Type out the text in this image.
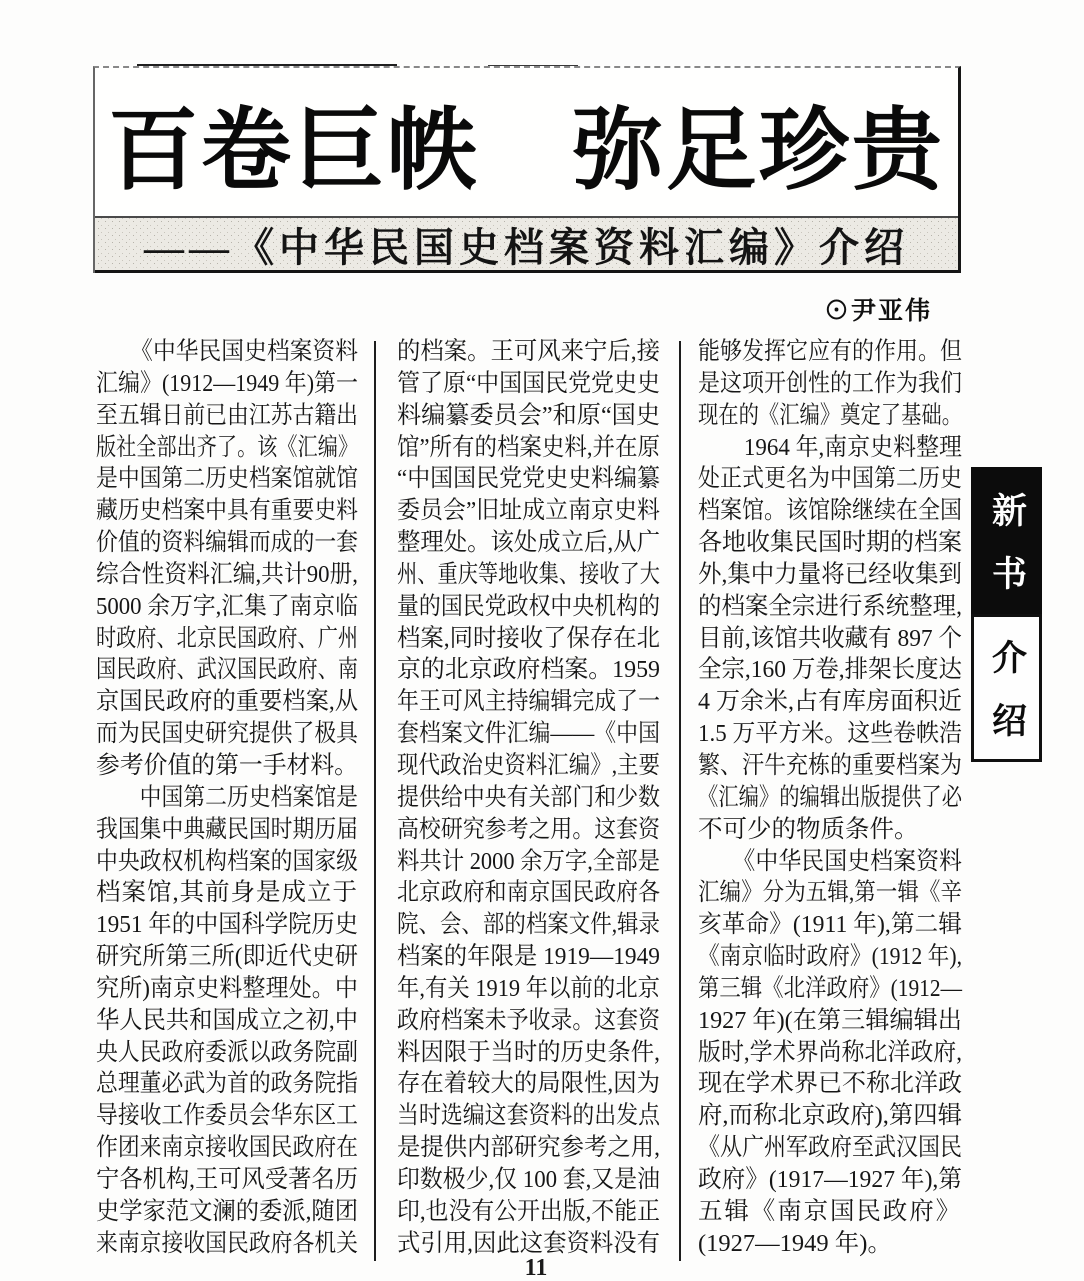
百卷巨帙　弥足珍贵
——《中华民国史档案资料汇编》介绍
⊙尹亚伟
　　《中华民国史档案资料
汇编》(1912—1949 年)第一
至五辑日前已由江苏古籍出
版社全部出齐了。该《汇编》
是中国第二历史档案馆就馆
藏历史档案中具有重要史料
价值的资料编辑而成的一套
综合性资料汇编,共计90册,
5000 余万字,汇集了南京临
时政府、北京民国政府、广州
国民政府、武汉国民政府、南
京国民政府的重要档案,从
而为民国史研究提供了极具
参考价值的第一手材料。
　　中国第二历史档案馆是
我国集中典藏民国时期历届
中央政权机构档案的国家级
档案馆,其前身是成立于
1951 年的中国科学院历史
研究所第三所(即近代史研
究所)南京史料整理处。中
华人民共和国成立之初,中
央人民政府委派以政务院副
总理董必武为首的政务院指
导接收工作委员会华东区工
作团来南京接收国民政府在
宁各机构,王可风受著名历
史学家范文澜的委派,随团
来南京接收国民政府各机关
的档案。王可风来宁后,接
管了原“中国国民党党史史
料编纂委员会”和原“国史
馆”所有的档案史料,并在原
“中国国民党党史史料编纂
委员会”旧址成立南京史料
整理处。该处成立后,从广
州、重庆等地收集、接收了大
量的国民党政权中央机构的
档案,同时接收了保存在北
京的北京政府档案。1959
年王可风主持编辑完成了一
套档案文件汇编——《中国
现代政治史资料汇编》,主要
提供给中央有关部门和少数
高校研究参考之用。这套资
料共计 2000 余万字,全部是
北京政府和南京国民政府各
院、会、部的档案文件,辑录
档案的年限是 1919—1949
年,有关 1919 年以前的北京
政府档案未予收录。这套资
料因限于当时的历史条件,
存在着较大的局限性,因为
当时选编这套资料的出发点
是提供内部研究参考之用,
印数极少,仅 100 套,又是油
印,也没有公开出版,不能正
式引用,因此这套资料没有
能够发挥它应有的作用。但
是这项开创性的工作为我们
现在的《汇编》奠定了基础。
　　1964 年,南京史料整理
处正式更名为中国第二历史
档案馆。该馆除继续在全国
各地收集民国时期的档案
外,集中力量将已经收集到
的档案全宗进行系统整理,
目前,该馆共收藏有 897 个
全宗,160 万卷,排架长度达
4 万余米,占有库房面积近
1.5 万平方米。这些卷帙浩
繁、汗牛充栋的重要档案为
《汇编》的编辑出版提供了必
不可少的物质条件。
　　《中华民国史档案资料
汇编》分为五辑,第一辑《辛
亥革命》(1911 年),第二辑
《南京临时政府》(1912 年),
第三辑《北洋政府》(1912—
1927 年)(在第三辑编辑出
版时,学术界尚称北洋政府,
现在学术界已不称北洋政
府,而称北京政府),第四辑
《从广州军政府至武汉国民
政府》(1917—1927 年),第
五辑《南京国民政府》
(1927—1949 年)。
新书
介绍
11
